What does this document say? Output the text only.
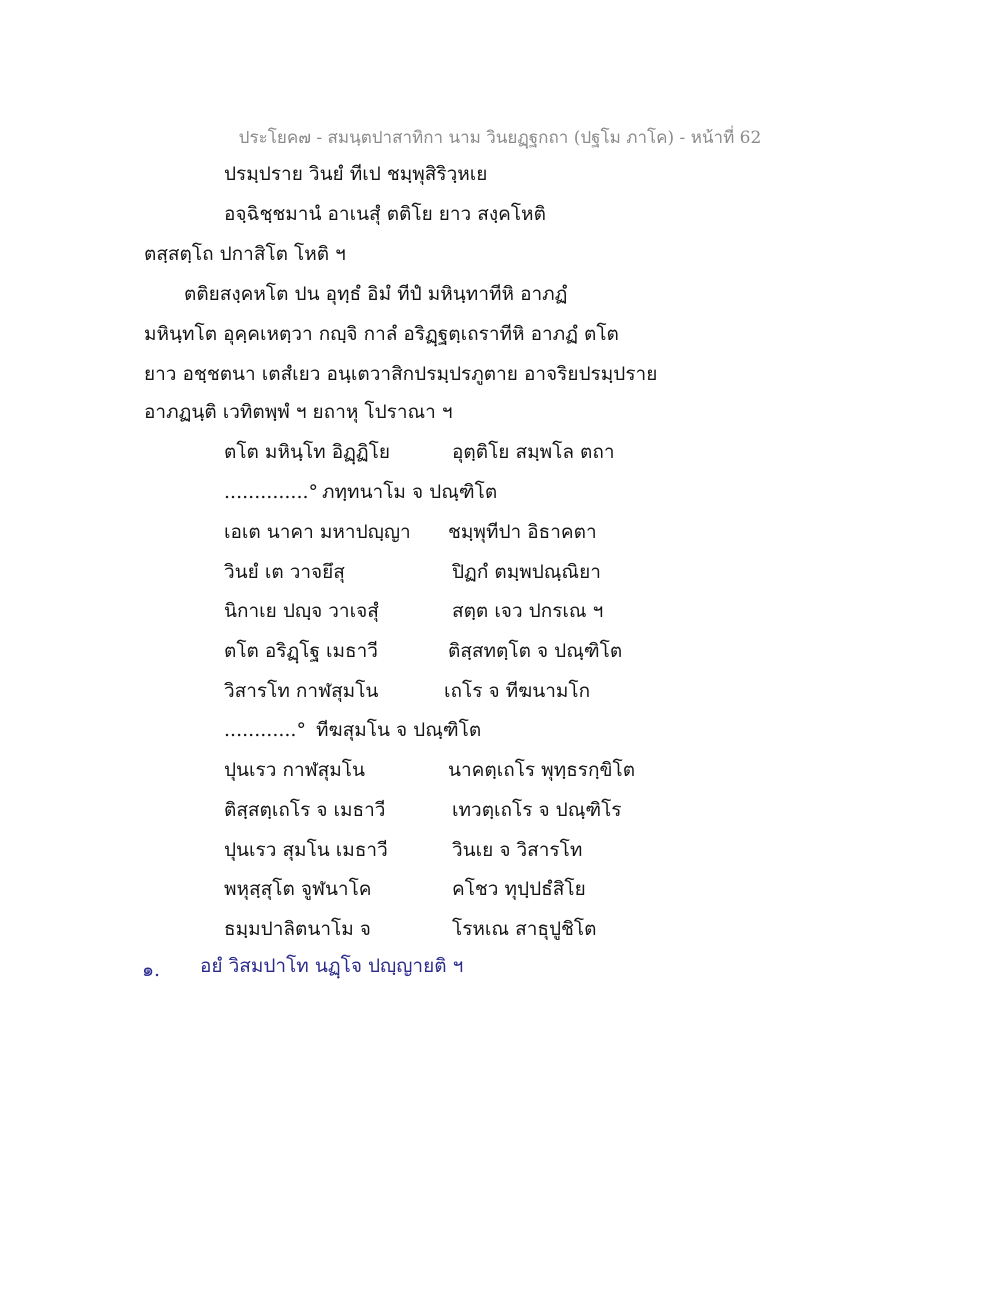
ประโยค๗ - สมนฺตปาสาทิกา นาม วินยฏฺฐกถา (ปฐโม ภาโค) - หน้าที่ 62
ปรมฺปราย วินยํ ทีเป ชมฺพุสิริวฺหเย
อจฺฉิชฺชมานํ อาเนสุํ ตติโย ยาว สงฺคโหติ
ตสฺสตฺโถ ปกาสิโต โหติ ฯ
ตติยสงฺคหโต ปน อุทฺธํ อิมํ ทีปํ มหินฺทาทีหิ อาภฏํ
มหินฺทโต อุคฺคเหตฺวา กญฺจิ กาลํ อริฏฺฐตฺเถราทีหิ อาภฏํ ตโต
ยาว อชฺชตนา เตสํเยว อนฺเตวาสิกปรมฺปรภูตาย อาจริยปรมฺปราย
อาภฏนฺติ เวทิตพฺพํ ฯ ยถาหุ โปราณา ฯ
ตโต มหินฺโท อิฏฺฏิโย	อุตฺติโย สมฺพโล ตถา
..............° ภทฺทนาโม จ ปณฺฑิโต
เอเต นาคา มหาปญฺญา ชมฺพุทีปา อิธาคตา
วินยํ เต วาจยึสุ	ปิฏกํ ตมฺพปณฺณิยา
นิกาเย ปญฺจ วาเจสุํ	สตฺต เจว ปกรเณ ฯ
ตโต อริฏฺโฐ เมธาวี	ติสฺสทตฺโต จ ปณฺฑิโต
วิสารโท กาฬสุมโน	เถโร จ ทีฆนามโก
............° ทีฆสุมโน จ ปณฺฑิโต
ปุนเรว กาฬสุมโน	นาคตฺเถโร พุทฺธรกฺขิโต
ติสฺสตฺเถโร จ เมธาวี	เทวตฺเถโร จ ปณฺฑิโร
ปุนเรว สุมโน เมธาวี	วินเย จ วิสารโท
พหุสฺสุโต จูฬนาโค	คโชว ทุปฺปธํสิโย
ธมฺมปาลิตนาโม จ	โรหเณ สาธุปูชิโต
๑. อยํ วิสมปาโท นฏฺโจ ปญฺญายติ ฯ
